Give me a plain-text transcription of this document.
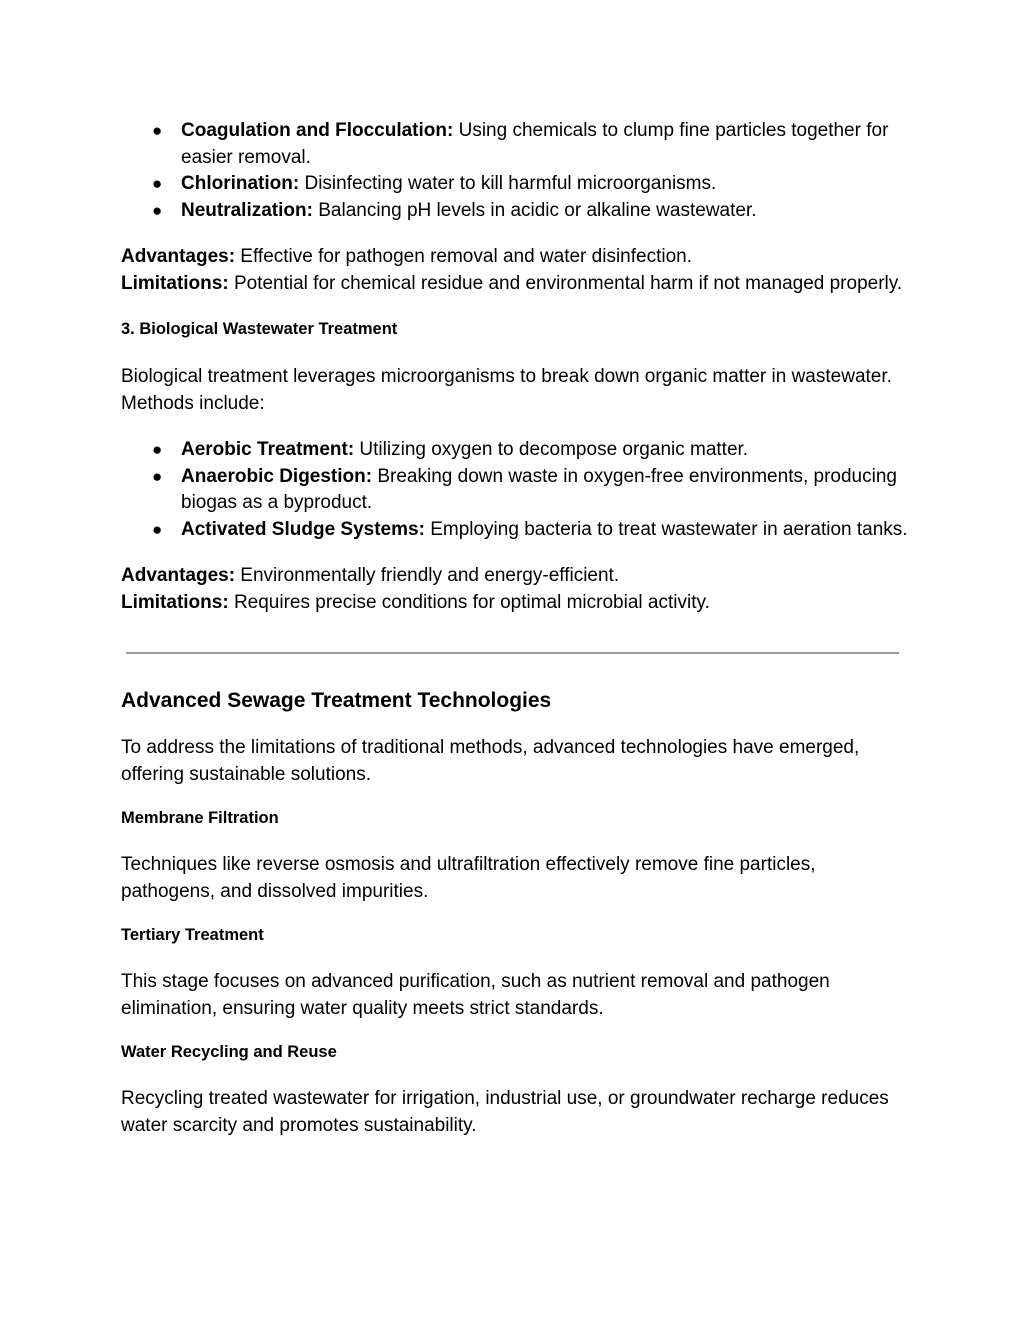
● Coagulation and Flocculation: Using chemicals to clump fine particles together for easier removal.
● Chlorination: Disinfecting water to kill harmful microorganisms.
● Neutralization: Balancing pH levels in acidic or alkaline wastewater.

Advantages: Effective for pathogen removal and water disinfection.

Limitations: Potential for chemical residue and environmental harm if not managed properly.

3. Biological Wastewater Treatment

Biological treatment leverages microorganisms to break down organic matter in wastewater. Methods include:

● Aerobic Treatment: Utilizing oxygen to decompose organic matter.
● Anaerobic Digestion: Breaking down waste in oxygen-free environments, producing biogas as a byproduct.
● Activated Sludge Systems: Employing bacteria to treat wastewater in aeration tanks.

Advantages: Environmentally friendly and energy-efficient.

Limitations: Requires precise conditions for optimal microbial activity.

Advanced Sewage Treatment Technologies

To address the limitations of traditional methods, advanced technologies have emerged, offering sustainable solutions.

Membrane Filtration

Techniques like reverse osmosis and ultrafiltration effectively remove fine particles, pathogens, and dissolved impurities.

Tertiary Treatment

This stage focuses on advanced purification, such as nutrient removal and pathogen elimination, ensuring water quality meets strict standards.

Water Recycling and Reuse

Recycling treated wastewater for irrigation, industrial use, or groundwater recharge reduces water scarcity and promotes sustainability.
